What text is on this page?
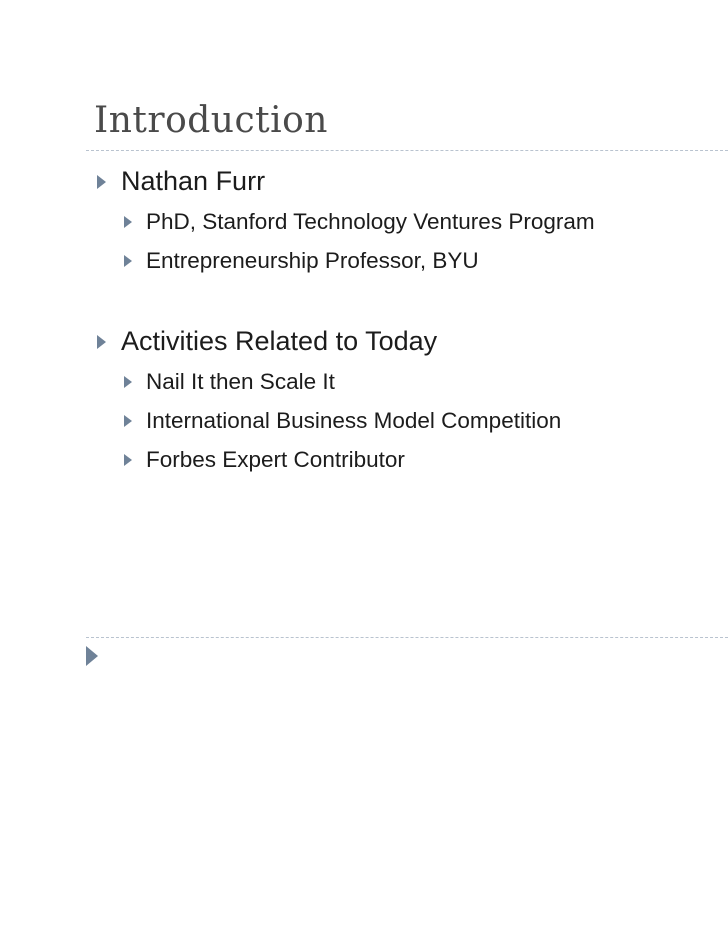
Introduction
Nathan Furr
PhD, Stanford Technology Ventures Program
Entrepreneurship Professor, BYU
Activities Related to Today
Nail It then Scale It
International Business Model Competition
Forbes Expert Contributor
